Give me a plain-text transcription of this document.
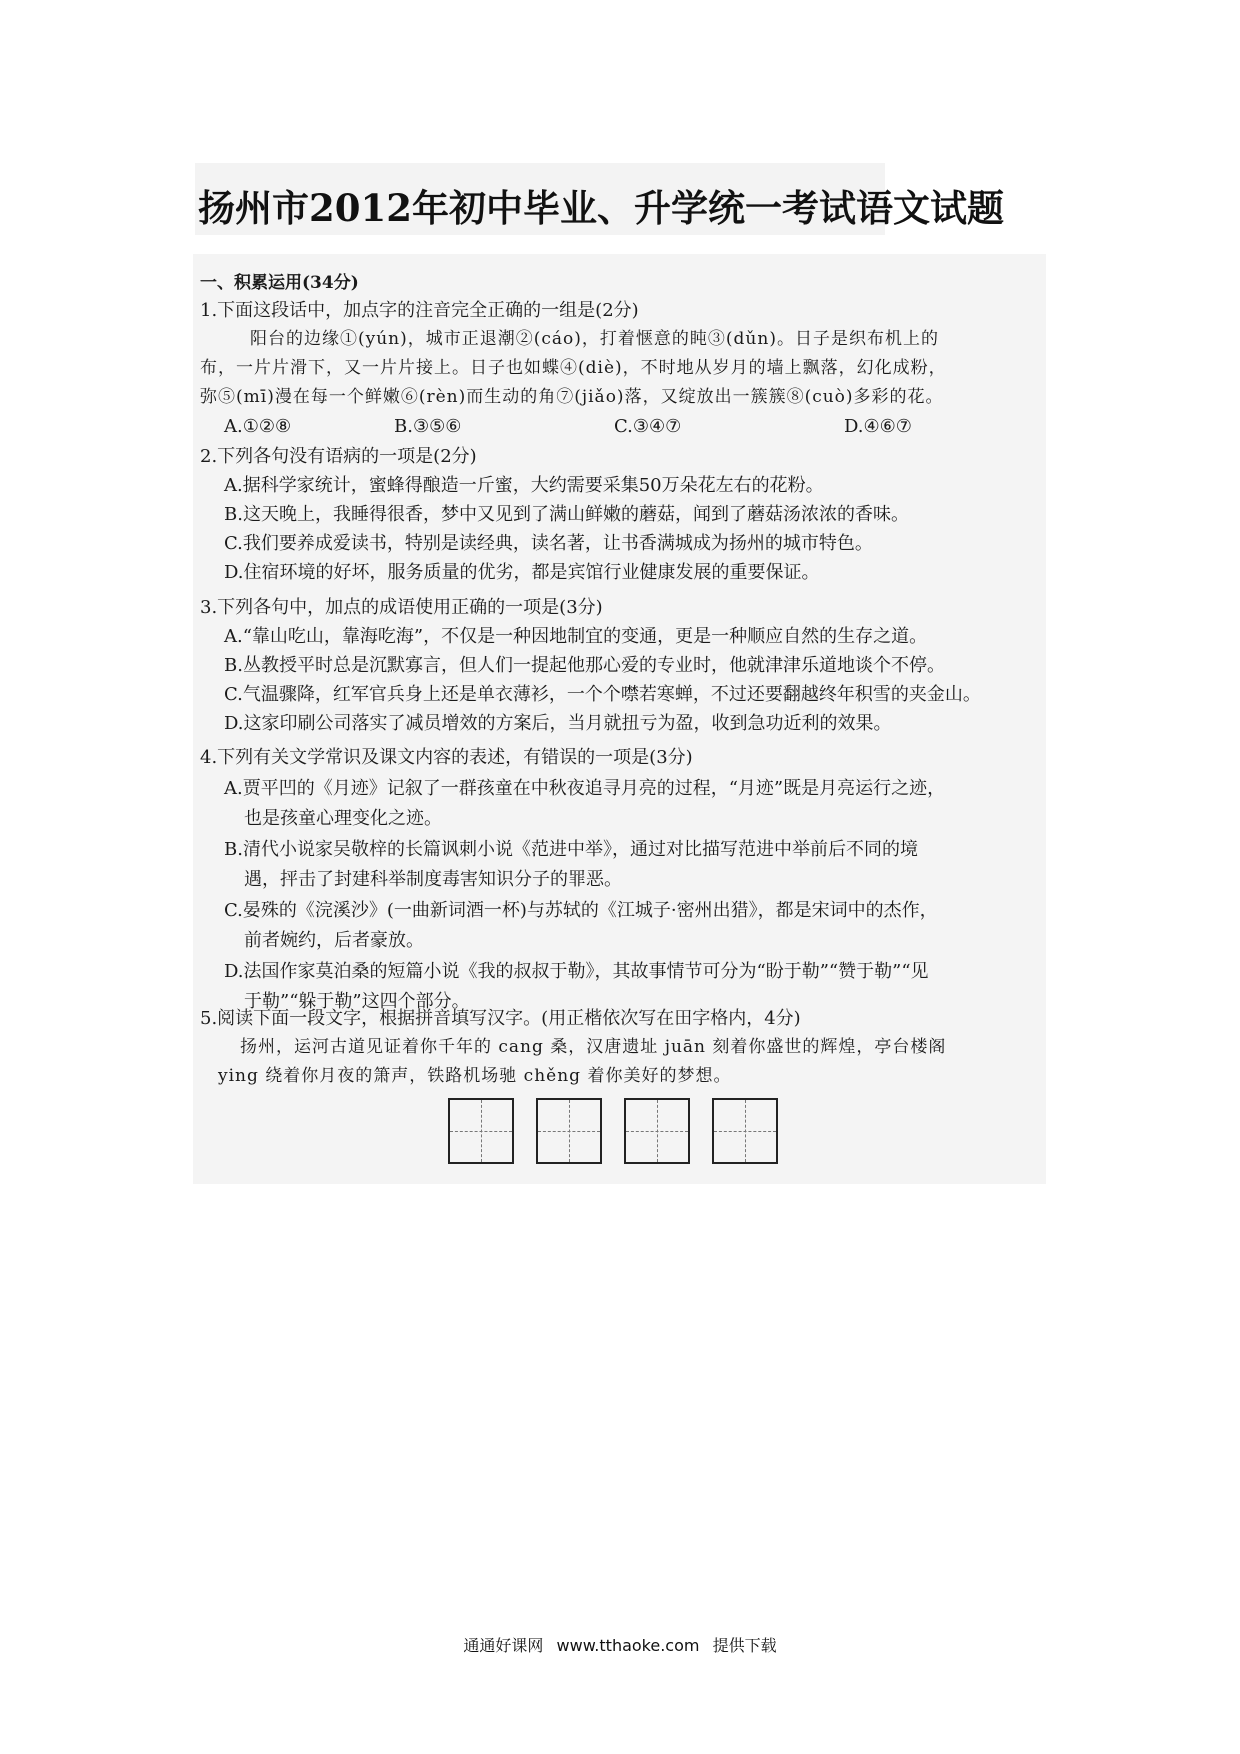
扬州市2012年初中毕业、升学统一考试语文试题
一、积累运用(34分)
1.下面这段话中，加点字的注音完全正确的一组是(2分)
阳台的边缘①(yún)，城市正退潮②(cáo)，打着惬意的盹③(dǔn)。日子是织布机上的
布，一片片滑下，又一片片接上。日子也如蝶④(diè)，不时地从岁月的墙上飘落，幻化成粉，
弥⑤(mī)漫在每一个鲜嫩⑥(rèn)而生动的角⑦(jiǎo)落，又绽放出一簇簇⑧(cuò)多彩的花。
A.①②⑧	B.③⑤⑥	C.③④⑦	D.④⑥⑦
2.下列各句没有语病的一项是(2分)
A.据科学家统计，蜜蜂得酿造一斤蜜，大约需要采集50万朵花左右的花粉。
B.这天晚上，我睡得很香，梦中又见到了满山鲜嫩的蘑菇，闻到了蘑菇汤浓浓的香味。
C.我们要养成爱读书，特别是读经典，读名著，让书香满城成为扬州的城市特色。
D.住宿环境的好坏，服务质量的优劣，都是宾馆行业健康发展的重要保证。
3.下列各句中，加点的成语使用正确的一项是(3分)
A.“靠山吃山，靠海吃海”，不仅是一种因地制宜的变通，更是一种顺应自然的生存之道。
B.丛教授平时总是沉默寡言，但人们一提起他那心爱的专业时，他就津津乐道地谈个不停。
C.气温骤降，红军官兵身上还是单衣薄衫，一个个噤若寒蝉，不过还要翻越终年积雪的夹金山。
D.这家印刷公司落实了减员增效的方案后，当月就扭亏为盈，收到急功近利的效果。
4.下列有关文学常识及课文内容的表述，有错误的一项是(3分)
A.贾平凹的《月迹》记叙了一群孩童在中秋夜追寻月亮的过程，“月迹”既是月亮运行之迹，
也是孩童心理变化之迹。
B.清代小说家吴敬梓的长篇讽刺小说《范进中举》，通过对比描写范进中举前后不同的境
遇，抨击了封建科举制度毒害知识分子的罪恶。
C.晏殊的《浣溪沙》(一曲新词酒一杯)与苏轼的《江城子·密州出猎》，都是宋词中的杰作，
前者婉约，后者豪放。
D.法国作家莫泊桑的短篇小说《我的叔叔于勒》，其故事情节可分为“盼于勒”“赞于勒”“见
于勒”“躲于勒”这四个部分。
5.阅读下面一段文字，根据拼音填写汉字。(用正楷依次写在田字格内，4分)
扬州，运河古道见证着你千年的 cang 桑，汉唐遗址 juān 刻着你盛世的辉煌，亭台楼阁
ying 绕着你月夜的箫声，铁路机场驰 chěng 着你美好的梦想。
通通好课网 www.tthaoke.com 提供下载
